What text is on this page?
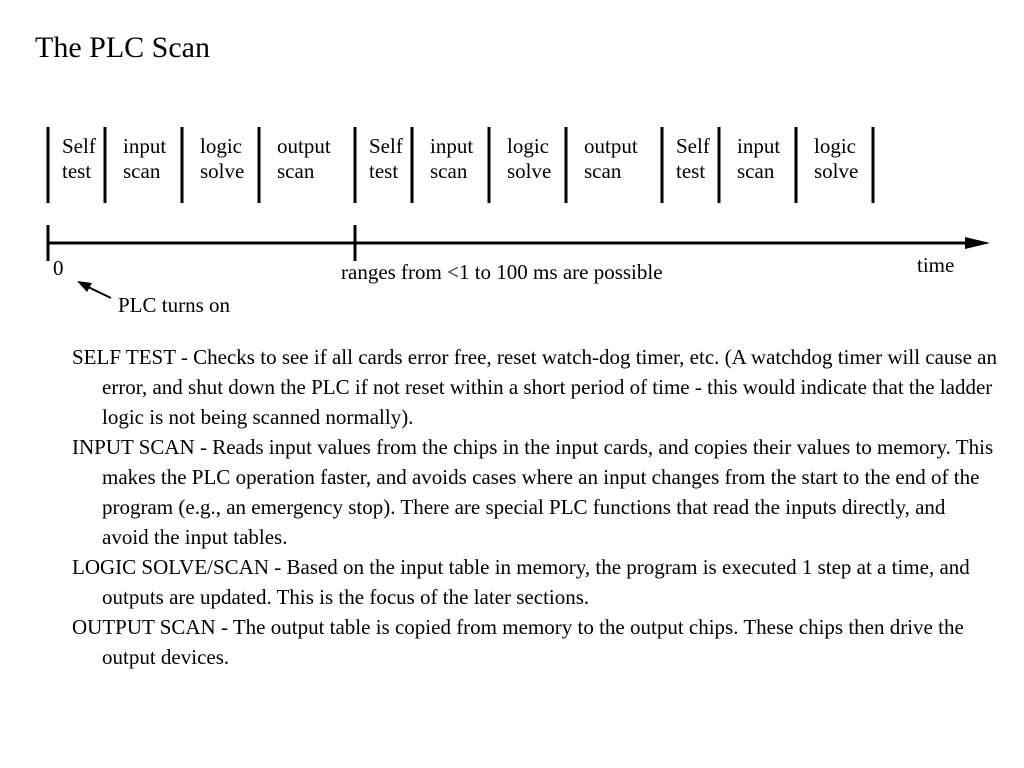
The PLC Scan
Self
test
input
scan
logic
solve
output
scan
Self
test
input
scan
logic
solve
output
scan
Self
test
input
scan
logic
solve
0	ranges from <1 to 100 ms are possible	time
PLC turns on

SELF TEST - Checks to see if all cards error free, reset watch-dog timer, etc. (A watchdog timer will cause an error, and shut down the PLC if not reset within a short period of time - this would indicate that the ladder logic is not being scanned normally).

INPUT SCAN - Reads input values from the chips in the input cards, and copies their values to memory. This makes the PLC operation faster, and avoids cases where an input changes from the start to the end of the program (e.g., an emergency stop). There are special PLC functions that read the inputs directly, and avoid the input tables.

LOGIC SOLVE/SCAN - Based on the input table in memory, the program is executed 1 step at a time, and outputs are updated. This is the focus of the later sections.

OUTPUT SCAN - The output table is copied from memory to the output chips. These chips then drive the output devices.
